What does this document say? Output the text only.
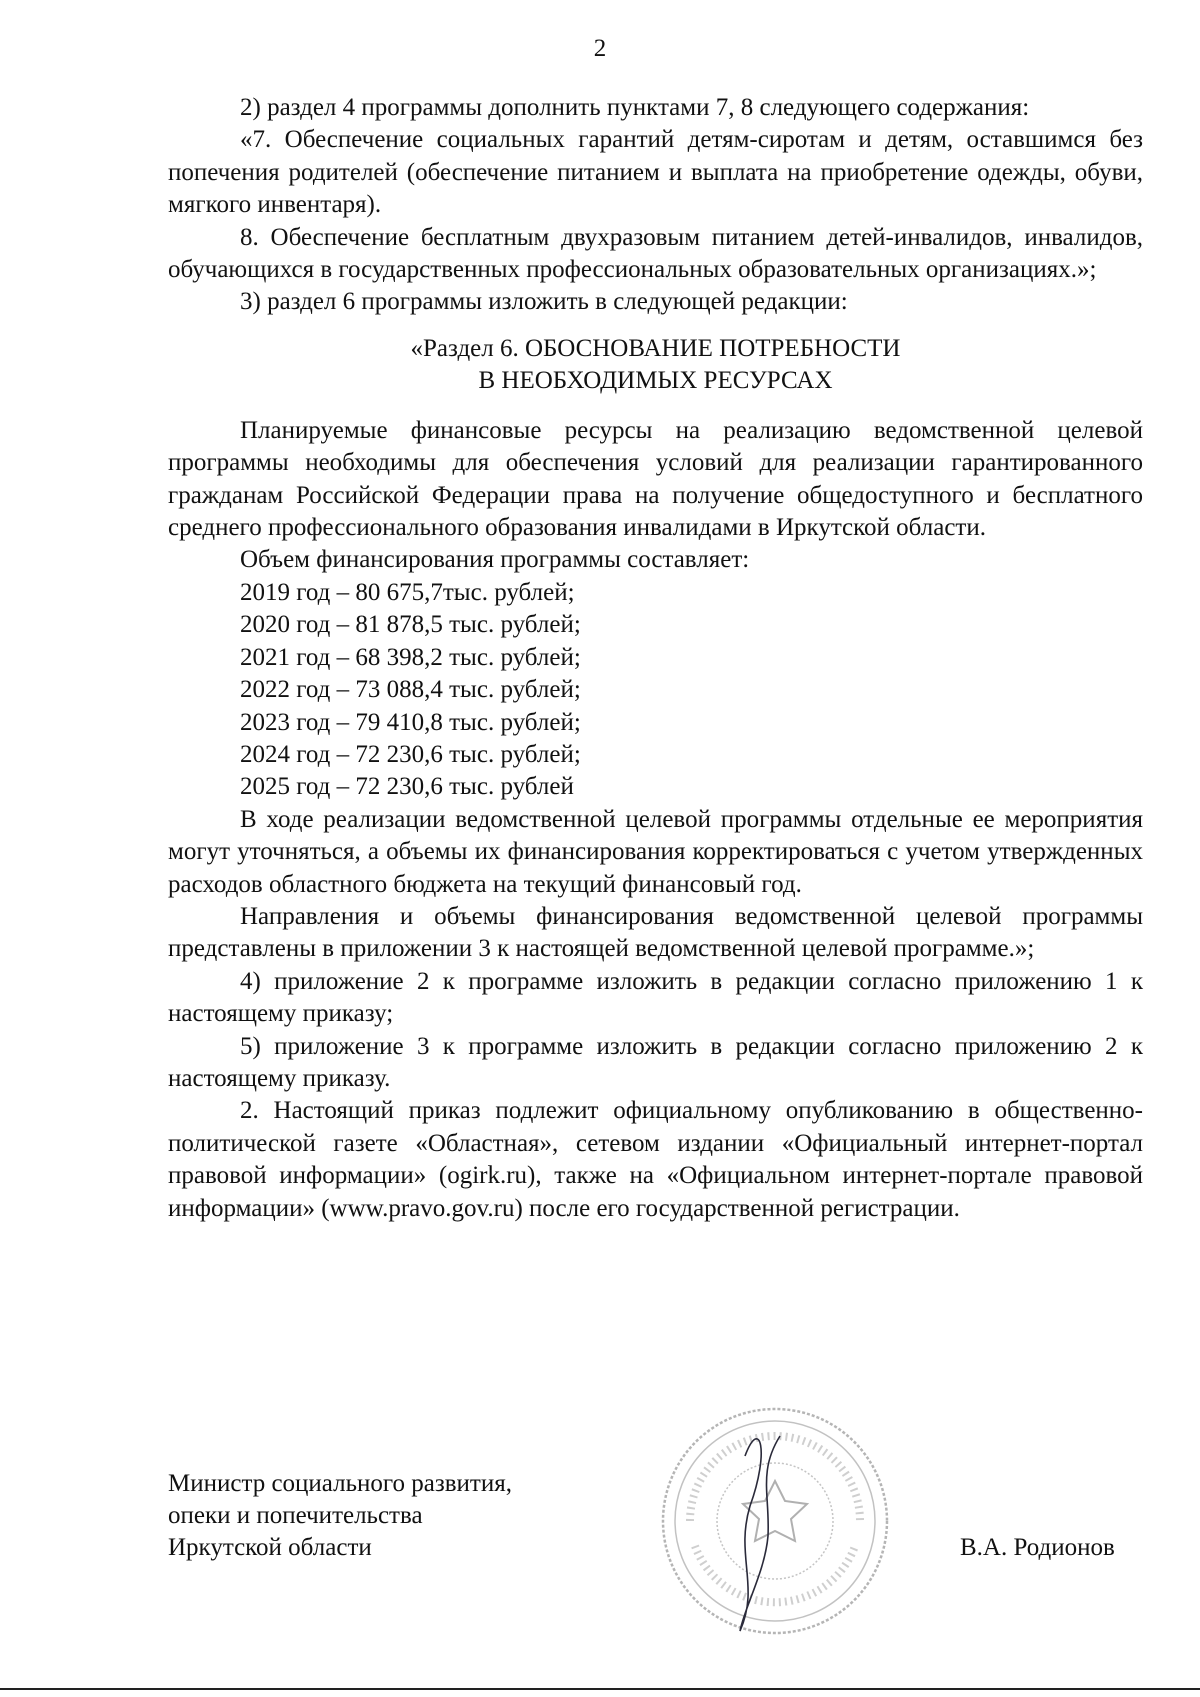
2

2) раздел 4 программы дополнить пунктами 7, 8 следующего содержания:

«7. Обеспечение социальных гарантий детям-сиротам и детям, оставшимся без попечения родителей (обеспечение питанием и выплата на приобретение одежды, обуви, мягкого инвентаря).

8. Обеспечение бесплатным двухразовым питанием детей-инвалидов, инвалидов, обучающихся в государственных профессиональных образовательных организациях.»;

3) раздел 6 программы изложить в следующей редакции:

«Раздел 6. ОБОСНОВАНИЕ ПОТРЕБНОСТИ
В НЕОБХОДИМЫХ РЕСУРСАХ

Планируемые финансовые ресурсы на реализацию ведомственной целевой программы необходимы для обеспечения условий для реализации гарантированного гражданам Российской Федерации права на получение общедоступного и бесплатного среднего профессионального образования инвалидами в Иркутской области.

Объем финансирования программы составляет:

2019 год – 80 675,7тыс. рублей;
2020 год – 81 878,5 тыс. рублей;
2021 год – 68 398,2 тыс. рублей;
2022 год – 73 088,4 тыс. рублей;
2023 год – 79 410,8 тыс. рублей;
2024 год – 72 230,6 тыс. рублей;
2025 год – 72 230,6 тыс. рублей

В ходе реализации ведомственной целевой программы отдельные ее мероприятия могут уточняться, а объемы их финансирования корректироваться с учетом утвержденных расходов областного бюджета на текущий финансовый год.

Направления и объемы финансирования ведомственной целевой программы представлены в приложении 3 к настоящей ведомственной целевой программе.»;

4) приложение 2 к программе изложить в редакции согласно приложению 1 к настоящему приказу;

5) приложение 3 к программе изложить в редакции согласно приложению 2 к настоящему приказу.

2. Настоящий приказ подлежит официальному опубликованию в общественно-политической газете «Областная», сетевом издании «Официальный интернет-портал правовой информации» (ogirk.ru), также на «Официальном интернет-портале правовой информации» (www.pravo.gov.ru) после его государственной регистрации.

Министр социального развития,
опеки и попечительства
Иркутской области	В.А. Родионов
